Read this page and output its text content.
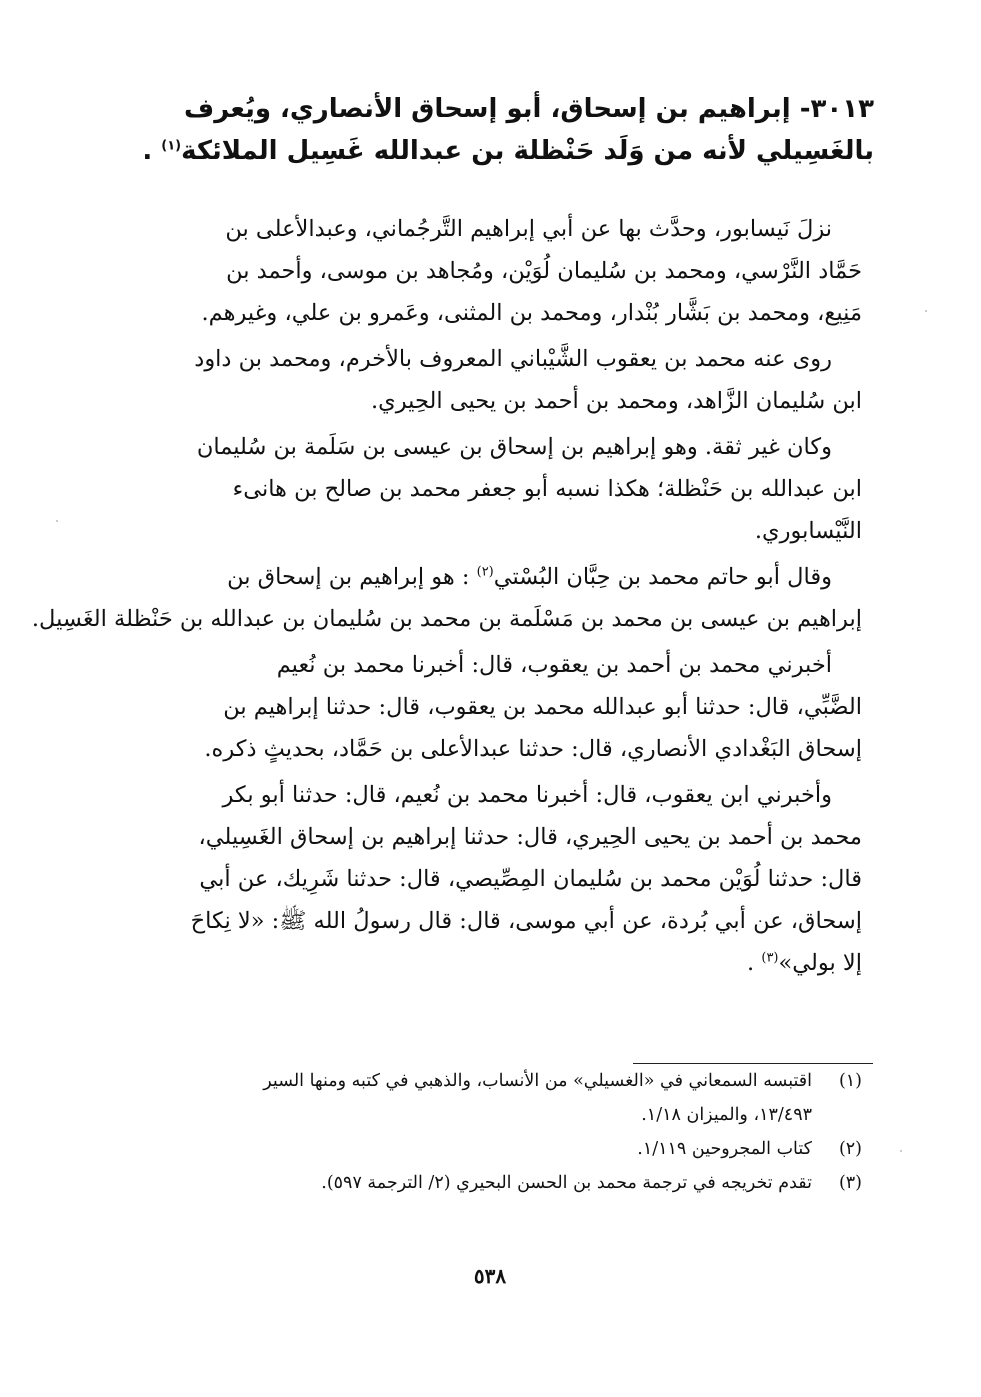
٣٠١٣- إبراهيم بن إسحاق، أبو إسحاق الأنصاري، ويُعرف
بالغَسِيلي لأنه من وَلَد حَنْظلة بن عبدالله غَسِيل الملائكة$^{(١)}$ .
نزلَ نَيسابور، وحدَّث بها عن أبي إبراهيم التَّرجُماني، وعبدالأعلى بن
حَمَّاد النَّرْسي، ومحمد بن سُليمان لُوَيْن، ومُجاهد بن موسى، وأحمد بن
مَنِيع، ومحمد بن بَشَّار بُنْدار، ومحمد بن المثنى، وعَمرو بن علي، وغيرهم.
روى عنه محمد بن يعقوب الشَّيْباني المعروف بالأخرم، ومحمد بن داود
ابن سُليمان الزَّاهد، ومحمد بن أحمد بن يحيى الحِيري.
وكان غير ثقة. وهو إبراهيم بن إسحاق بن عيسى بن سَلَمة بن سُليمان
ابن عبدالله بن حَنْظلة؛ هكذا نسبه أبو جعفر محمد بن صالح بن هانىء
النَّيْسابوري.
وقال أبو حاتم محمد بن حِبَّان البُسْتي$^{(٢)}$ : هو إبراهيم بن إسحاق بن
إبراهيم بن عيسى بن محمد بن مَسْلَمة بن محمد بن سُليمان بن عبدالله بن حَنْظلة الغَسِيل.
أخبرني محمد بن أحمد بن يعقوب، قال: أخبرنا محمد بن نُعيم
الضَّبِّي، قال: حدثنا أبو عبدالله محمد بن يعقوب، قال: حدثنا إبراهيم بن
إسحاق البَغْدادي الأنصاري، قال: حدثنا عبدالأعلى بن حَمَّاد، بحديثٍ ذكره.
وأخبرني ابن يعقوب، قال: أخبرنا محمد بن نُعيم، قال: حدثنا أبو بكر
محمد بن أحمد بن يحيى الحِيري، قال: حدثنا إبراهيم بن إسحاق الغَسِيلي،
قال: حدثنا لُوَيْن محمد بن سُليمان المِصِّيصي، قال: حدثنا شَرِيك، عن أبي
إسحاق، عن أبي بُردة، عن أبي موسى، قال: قال رسولُ الله ﷺ: «لا نِكاحَ
إلا بولي»$^{(٣)}$ .
(١)
اقتبسه السمعاني في «الغسيلي» من الأنساب، والذهبي في كتبه ومنها السير
١٣/٤٩٣، والميزان ١/١٨.
(٢)
كتاب المجروحين ١/١١٩.
(٣)
تقدم تخريجه في ترجمة محمد بن الحسن البحيري (٢/ الترجمة ٥٩٧).
٥٣٨
